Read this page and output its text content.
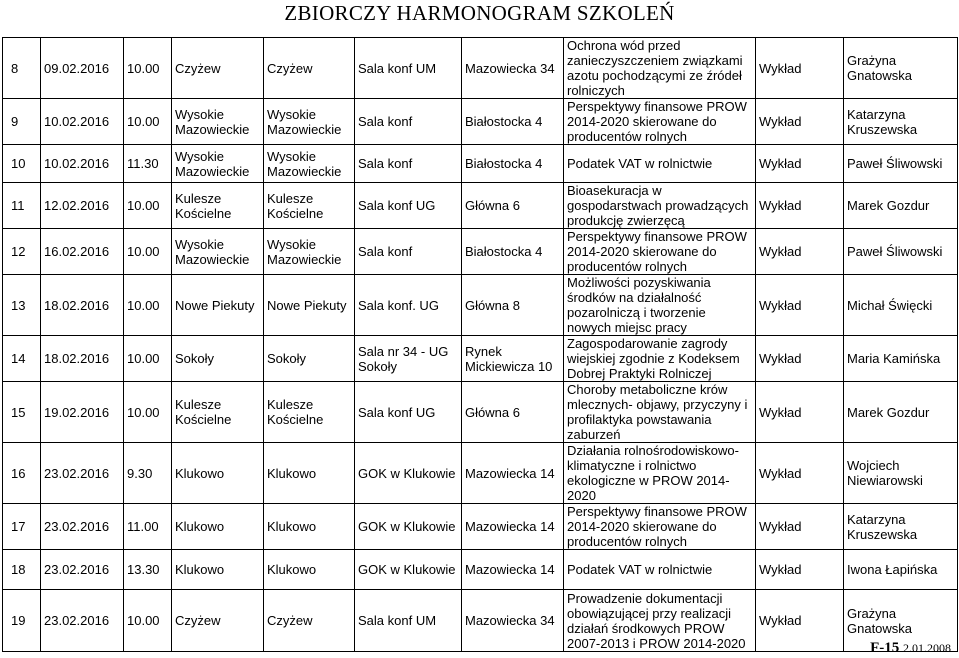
ZBIORCZY HARMONOGRAM SZKOLEŃ
8	09.02.2016	10.00	Czyżew	Czyżew	Sala konf UM	Mazowiecka 34	Ochrona wód przed zanieczyszczeniem związkami azotu pochodzącymi ze źródeł rolniczych	Wykład	Grażyna Gnatowska
9	10.02.2016	10.00	Wysokie Mazowieckie	Wysokie Mazowieckie	Sala konf	Białostocka 4	Perspektywy finansowe PROW 2014-2020 skierowane do producentów rolnych	Wykład	Katarzyna Kruszewska
10	10.02.2016	11.30	Wysokie Mazowieckie	Wysokie Mazowieckie	Sala konf	Białostocka 4	Podatek VAT w rolnictwie	Wykład	Paweł Śliwowski
11	12.02.2016	10.00	Kulesze Kościelne	Kulesze Kościelne	Sala konf UG	Główna 6	Bioasekuracja w gospodarstwach prowadzących produkcję zwierzęcą	Wykład	Marek Gozdur
12	16.02.2016	10.00	Wysokie Mazowieckie	Wysokie Mazowieckie	Sala konf	Białostocka 4	Perspektywy finansowe PROW 2014-2020 skierowane do producentów rolnych	Wykład	Paweł Śliwowski
13	18.02.2016	10.00	Nowe Piekuty	Nowe Piekuty	Sala konf. UG	Główna 8	Możliwości pozyskiwania środków na działalność pozarolniczą i tworzenie nowych miejsc pracy	Wykład	Michał Święcki
14	18.02.2016	10.00	Sokoły	Sokoły	Sala nr 34 - UG Sokoły	Rynek Mickiewicza 10	Zagospodarowanie zagrody wiejskiej zgodnie z Kodeksem Dobrej Praktyki Rolniczej	Wykład	Maria Kamińska
15	19.02.2016	10.00	Kulesze Kościelne	Kulesze Kościelne	Sala konf UG	Główna 6	Choroby metaboliczne krów mlecznych- objawy, przyczyny i profilaktyka powstawania zaburzeń	Wykład	Marek Gozdur
16	23.02.2016	9.30	Klukowo	Klukowo	GOK w Klukowie	Mazowiecka 14	Działania rolnośrodowiskowo-klimatyczne i rolnictwo ekologiczne w PROW 2014-2020	Wykład	Wojciech Niewiarowski
17	23.02.2016	11.00	Klukowo	Klukowo	GOK w Klukowie	Mazowiecka 14	Perspektywy finansowe PROW 2014-2020 skierowane do producentów rolnych	Wykład	Katarzyna Kruszewska
18	23.02.2016	13.30	Klukowo	Klukowo	GOK w Klukowie	Mazowiecka 14	Podatek VAT w rolnictwie	Wykład	Iwona Łapińska
19	23.02.2016	10.00	Czyżew	Czyżew	Sala konf UM	Mazowiecka 34	Prowadzenie dokumentacji obowiązującej przy realizacji działań środkowych PROW 2007-2013 i PROW 2014-2020	Wykład	Grażyna Gnatowska
F-15 2.01.2008
